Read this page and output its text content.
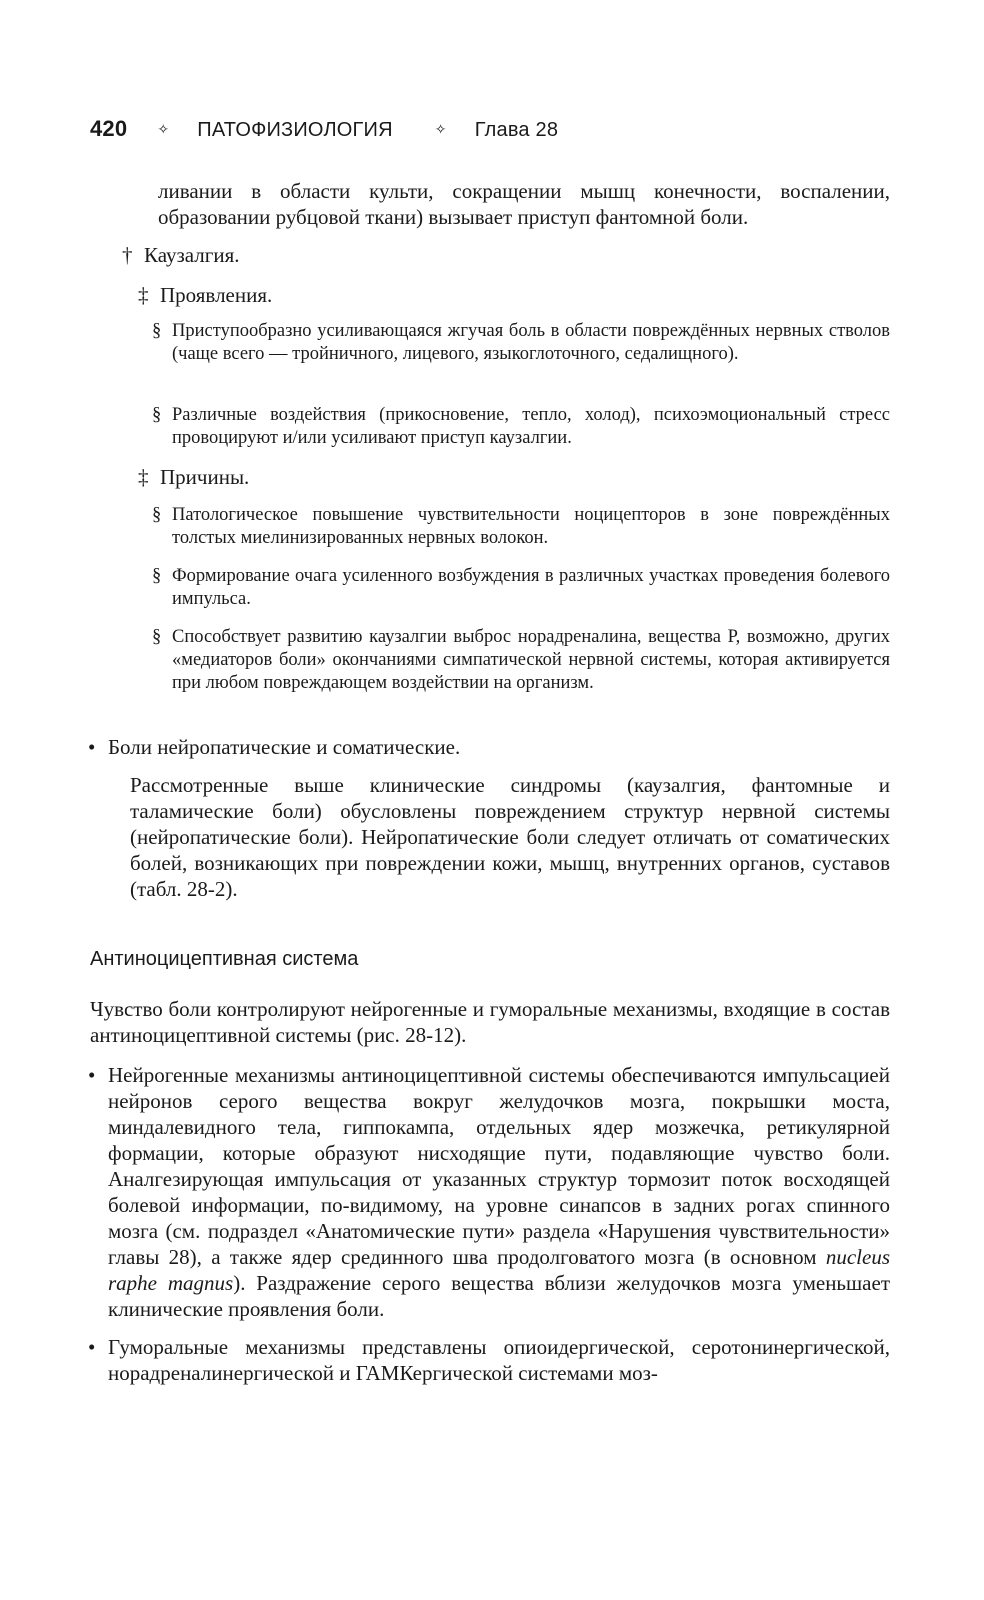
420 ✧ ПАТОФИЗИОЛОГИЯ	✧ Глава 28

ливании в области культи, сокращении мышц конечности, воспалении, образовании рубцовой ткани) вызывает приступ фантомной боли.

† Каузалгия.
‡ Проявления.
§ Приступообразно усиливающаяся жгучая боль в области повреждённых нервных стволов (чаще всего — тройничного, лицевого, языкоглоточного, седалищного).
§ Различные воздействия (прикосновение, тепло, холод), психоэмоциональный стресс провоцируют и/или усиливают приступ каузалгии.
‡ Причины.
§ Патологическое повышение чувствительности ноцицепторов в зоне повреждённых толстых миелинизированных нервных волокон.
§ Формирование очага усиленного возбуждения в различных участках проведения болевого импульса.
§ Способствует развитию каузалгии выброс норадреналина, вещества Р, возможно, других «медиаторов боли» окончаниями симпатической нервной системы, которая активируется при любом повреждающем воздействии на организм.
• Боли нейропатические и соматические.

Рассмотренные выше клинические синдромы (каузалгия, фантомные и таламические боли) обусловлены повреждением структур нервной системы (нейропатические боли). Нейропатические боли следует отличать от соматических болей, возникающих при повреждении кожи, мышц, внутренних органов, суставов (табл. 28-2).

Антиноцицептивная система

Чувство боли контролируют нейрогенные и гуморальные механизмы, входящие в состав антиноцицептивной системы (рис. 28-12).

• Нейрогенные механизмы антиноцицептивной системы обеспечиваются импульсацией нейронов серого вещества вокруг желудочков мозга, покрышки моста, миндалевидного тела, гиппокампа, отдельных ядер мозжечка, ретикулярной формации, которые образуют нисходящие пути, подавляющие чувство боли. Аналгезирующая импульсация от указанных структур тормозит поток восходящей болевой информации, по-видимому, на уровне синапсов в задних рогах спинного мозга (см. подраздел «Анатомические пути» раздела «Нарушения чувствительности» главы 28), а также ядер срединного шва продолговатого мозга (в основном nucleus raphe magnus). Раздражение серого вещества вблизи желудочков мозга уменьшает клинические проявления боли.
• Гуморальные механизмы представлены опиоидергической, серотонинергической, норадреналинергической и ГАМКергической системами моз-
